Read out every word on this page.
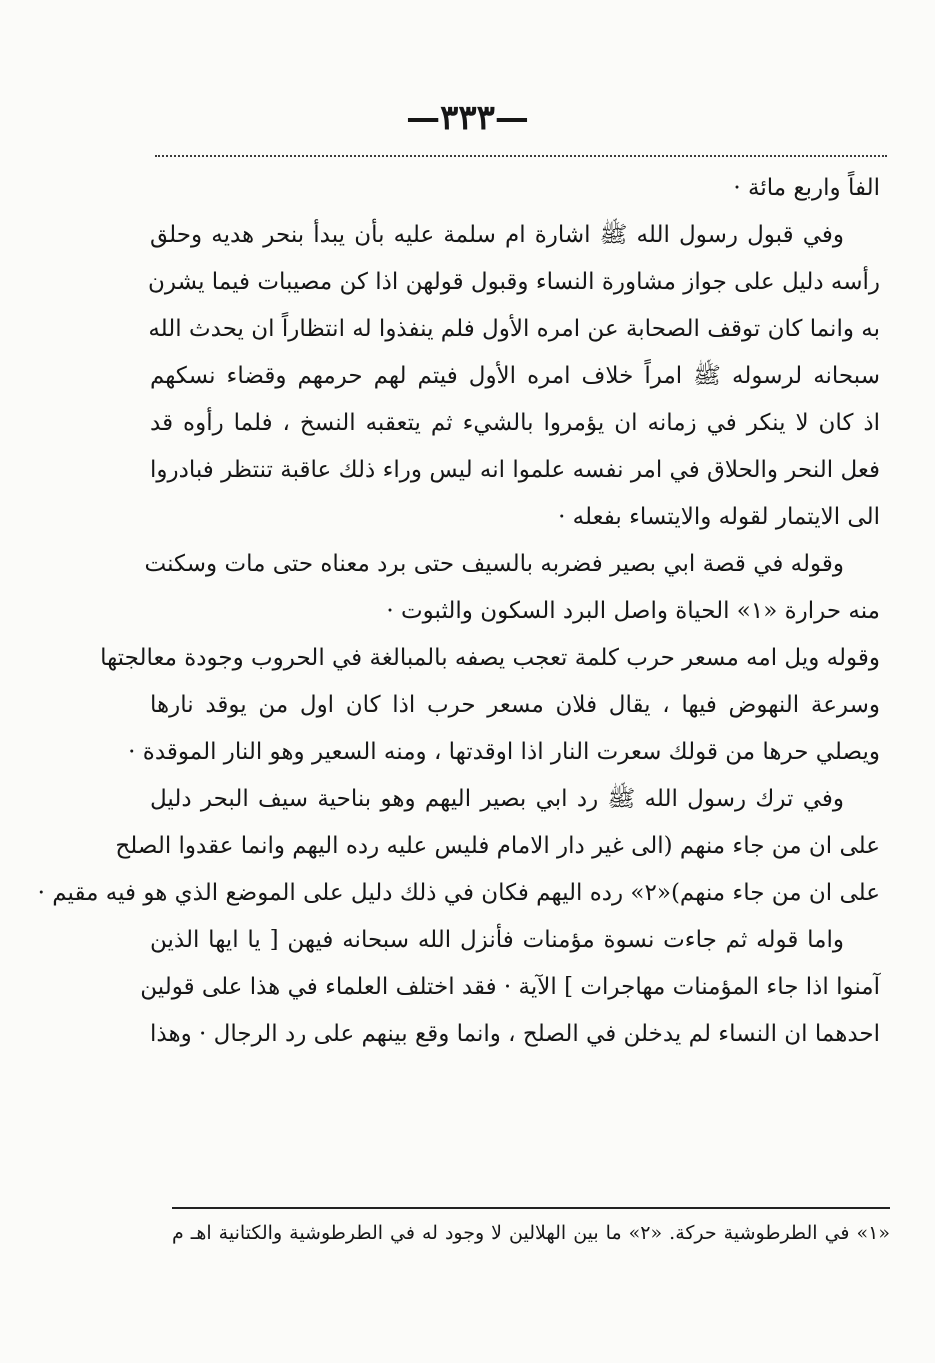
—٣٣٣—
الفاً واربع مائة ·
وفي قبول رسول الله ﷺ اشارة ام سلمة عليه بأن يبدأ بنحر هديه وحلق
رأسه دليل على جواز مشاورة النساء وقبول قولهن اذا كن مصيبات فيما يشرن
به وانما كان توقف الصحابة عن امره الأول فلم ينفذوا له انتظاراً ان يحدث الله
سبحانه لرسوله ﷺ امراً خلاف امره الأول فيتم لهم حرمهم وقضاء نسكهم
اذ كان لا ينكر في زمانه ان يؤمروا بالشيء ثم يتعقبه النسخ ، فلما رأوه قد
فعل النحر والحلاق في امر نفسه علموا انه ليس وراء ذلك عاقبة تنتظر فبادروا
الى الايتمار لقوله والايتساء بفعله ·
وقوله في قصة ابي بصير فضربه بالسيف حتى برد معناه حتى مات وسكنت
منه حرارة «١» الحياة واصل البرد السكون والثبوت ·
وقوله ويل امه مسعر حرب كلمة تعجب يصفه بالمبالغة في الحروب وجودة معالجتها
وسرعة النهوض فيها ، يقال فلان مسعر حرب اذا كان اول من يوقد نارها
ويصلي حرها من قولك سعرت النار اذا اوقدتها ، ومنه السعير وهو النار الموقدة ·
وفي ترك رسول الله ﷺ رد ابي بصير اليهم وهو بناحية سيف البحر دليل
على ان من جاء منهم (الى غير دار الامام فليس عليه رده اليهم وانما عقدوا الصلح
على ان من جاء منهم)«٢» رده اليهم فكان في ذلك دليل على الموضع الذي هو فيه مقيم ·
واما قوله ثم جاءت نسوة مؤمنات فأنزل الله سبحانه فيهن [ يا ايها الذين
آمنوا اذا جاء المؤمنات مهاجرات ] الآية · فقد اختلف العلماء في هذا على قولين
احدهما ان النساء لم يدخلن في الصلح ، وانما وقع بينهم على رد الرجال · وهذا
«١» في الطرطوشية حركة. «٢» ما بين الهلالين لا وجود له في الطرطوشية والكتانية اهـ م
